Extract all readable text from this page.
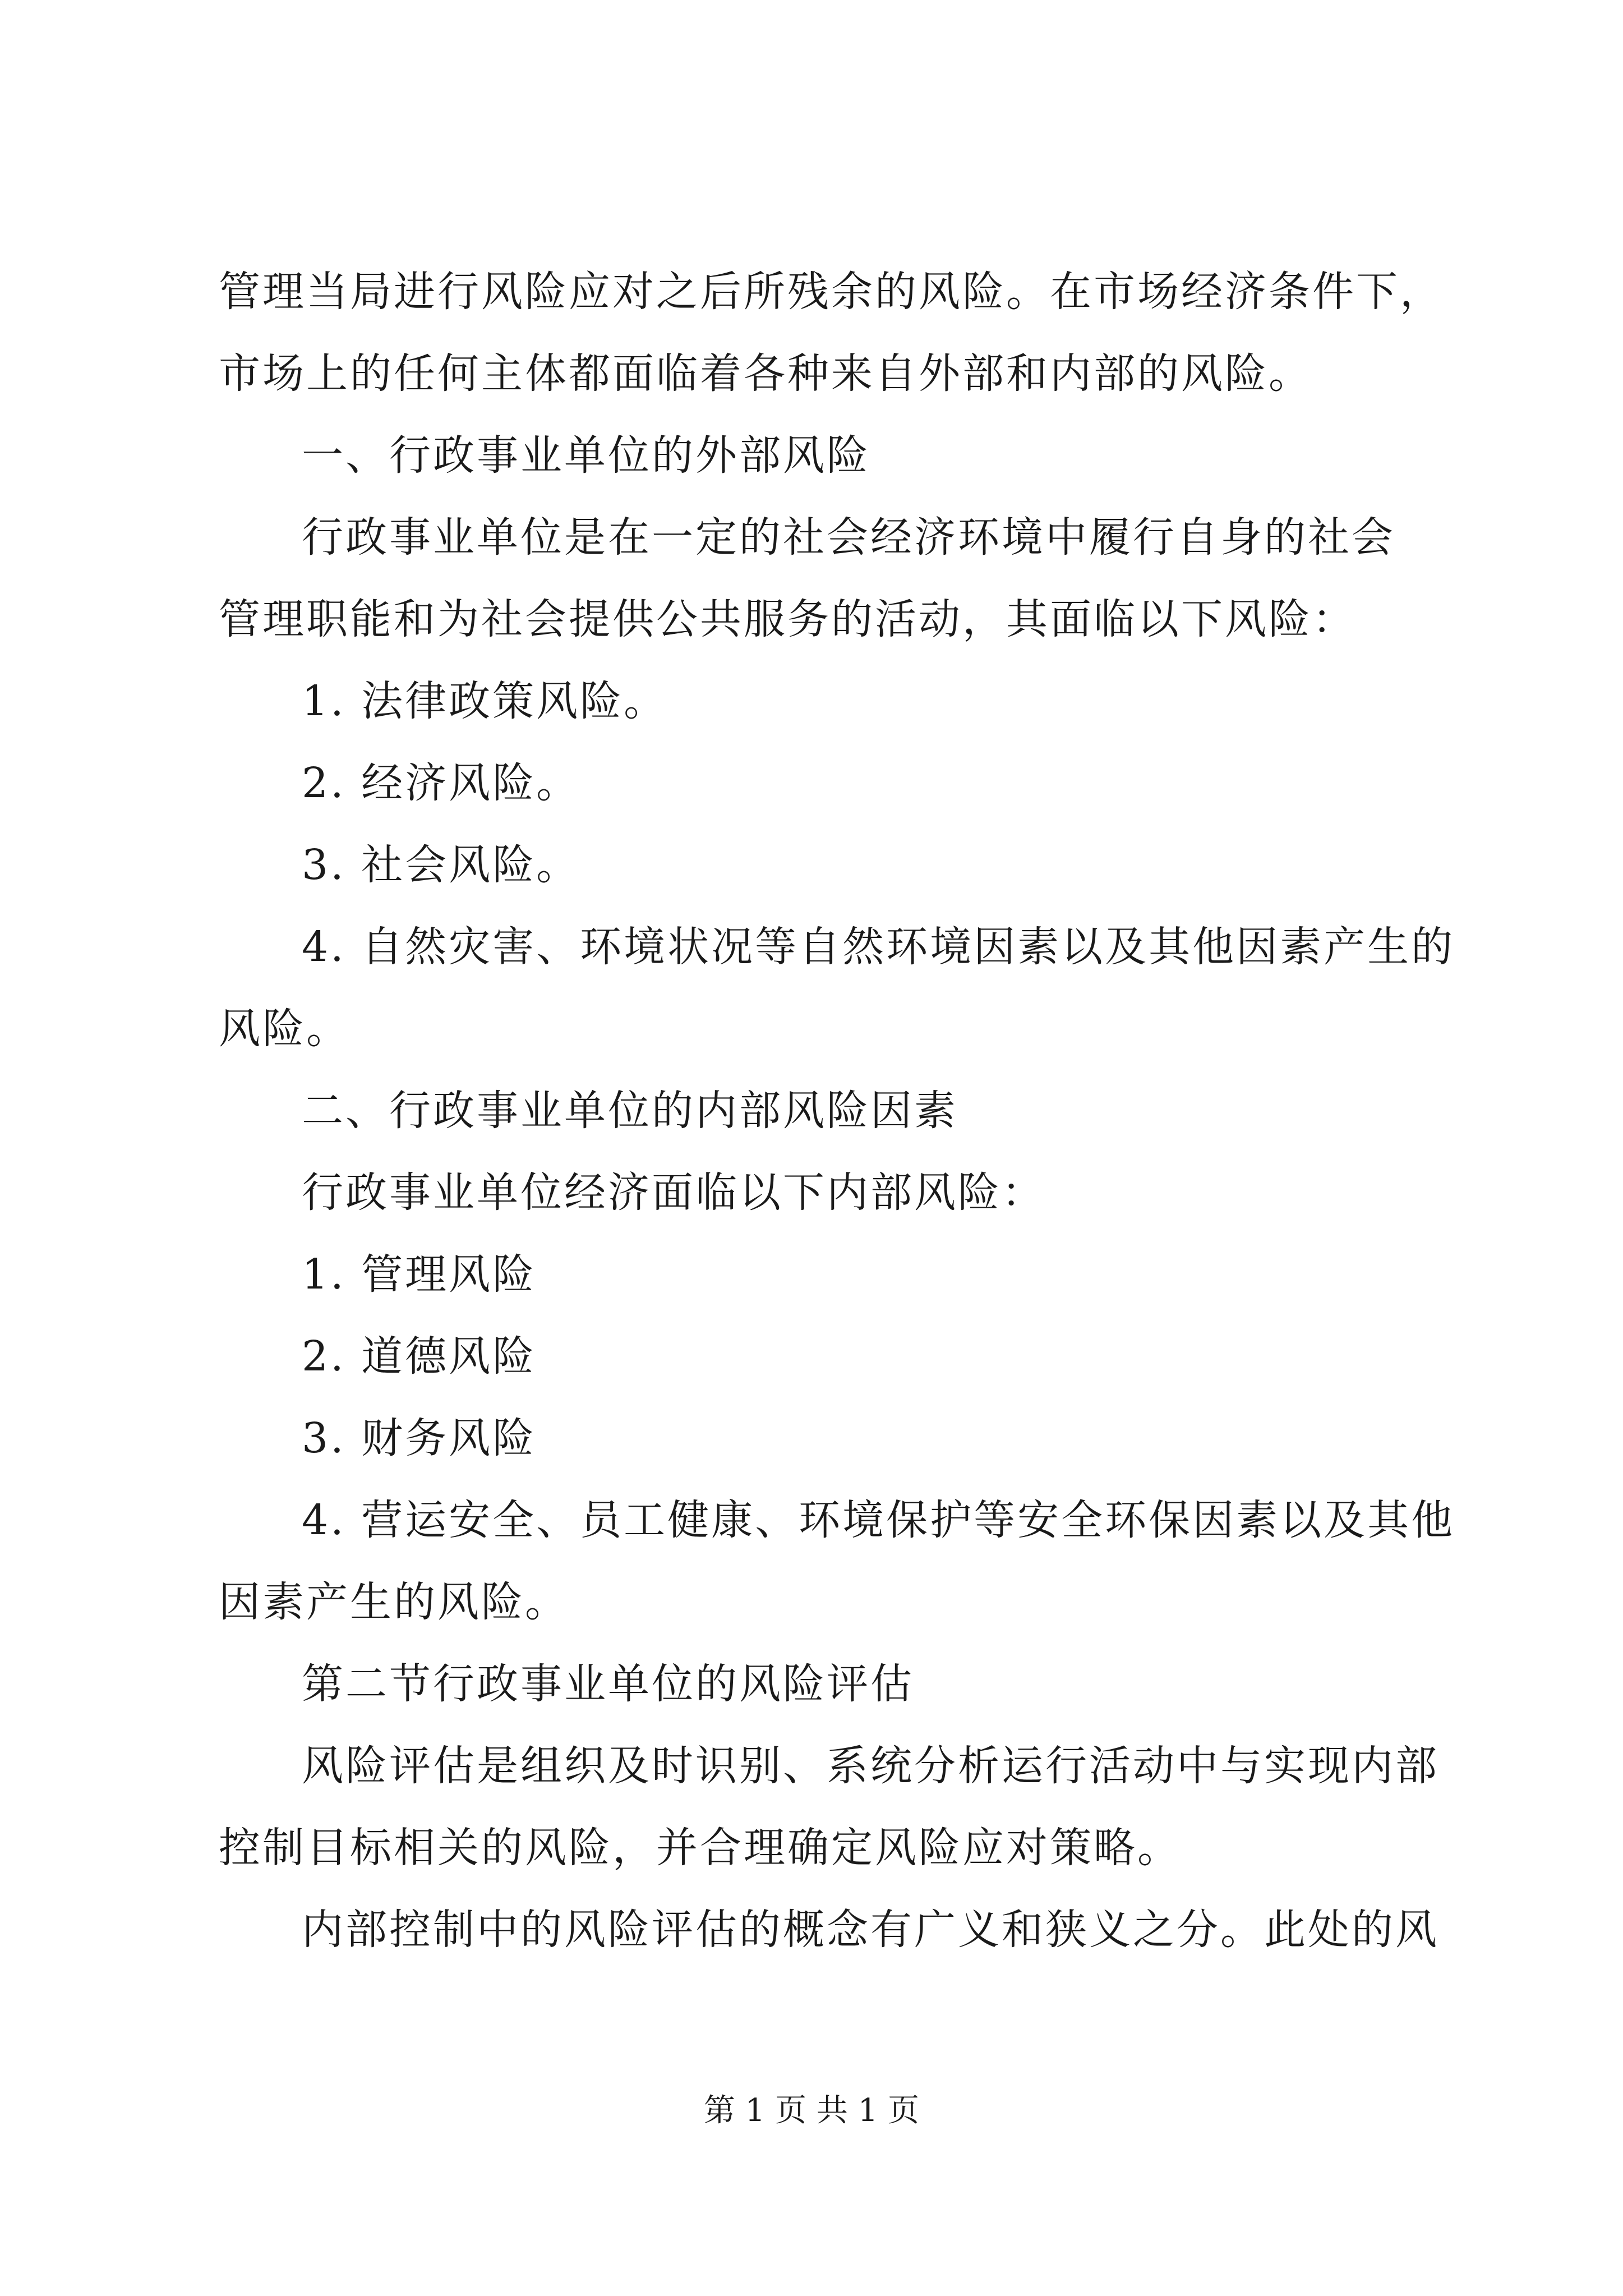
管理当局进行风险应对之后所残余的风险。在市场经济条件下，
市场上的任何主体都面临着各种来自外部和内部的风险。
一、行政事业单位的外部风险
行政事业单位是在一定的社会经济环境中履行自身的社会
管理职能和为社会提供公共服务的活动，其面临以下风险：
1. 法律政策风险。
2. 经济风险。
3. 社会风险。
4. 自然灾害、环境状况等自然环境因素以及其他因素产生的
风险。
二、行政事业单位的内部风险因素
行政事业单位经济面临以下内部风险：
1. 管理风险
2. 道德风险
3. 财务风险
4. 营运安全、员工健康、环境保护等安全环保因素以及其他
因素产生的风险。
第二节行政事业单位的风险评估
风险评估是组织及时识别、系统分析运行活动中与实现内部
控制目标相关的风险，并合理确定风险应对策略。
内部控制中的风险评估的概念有广义和狭义之分。此处的风
第 1 页 共 1 页
